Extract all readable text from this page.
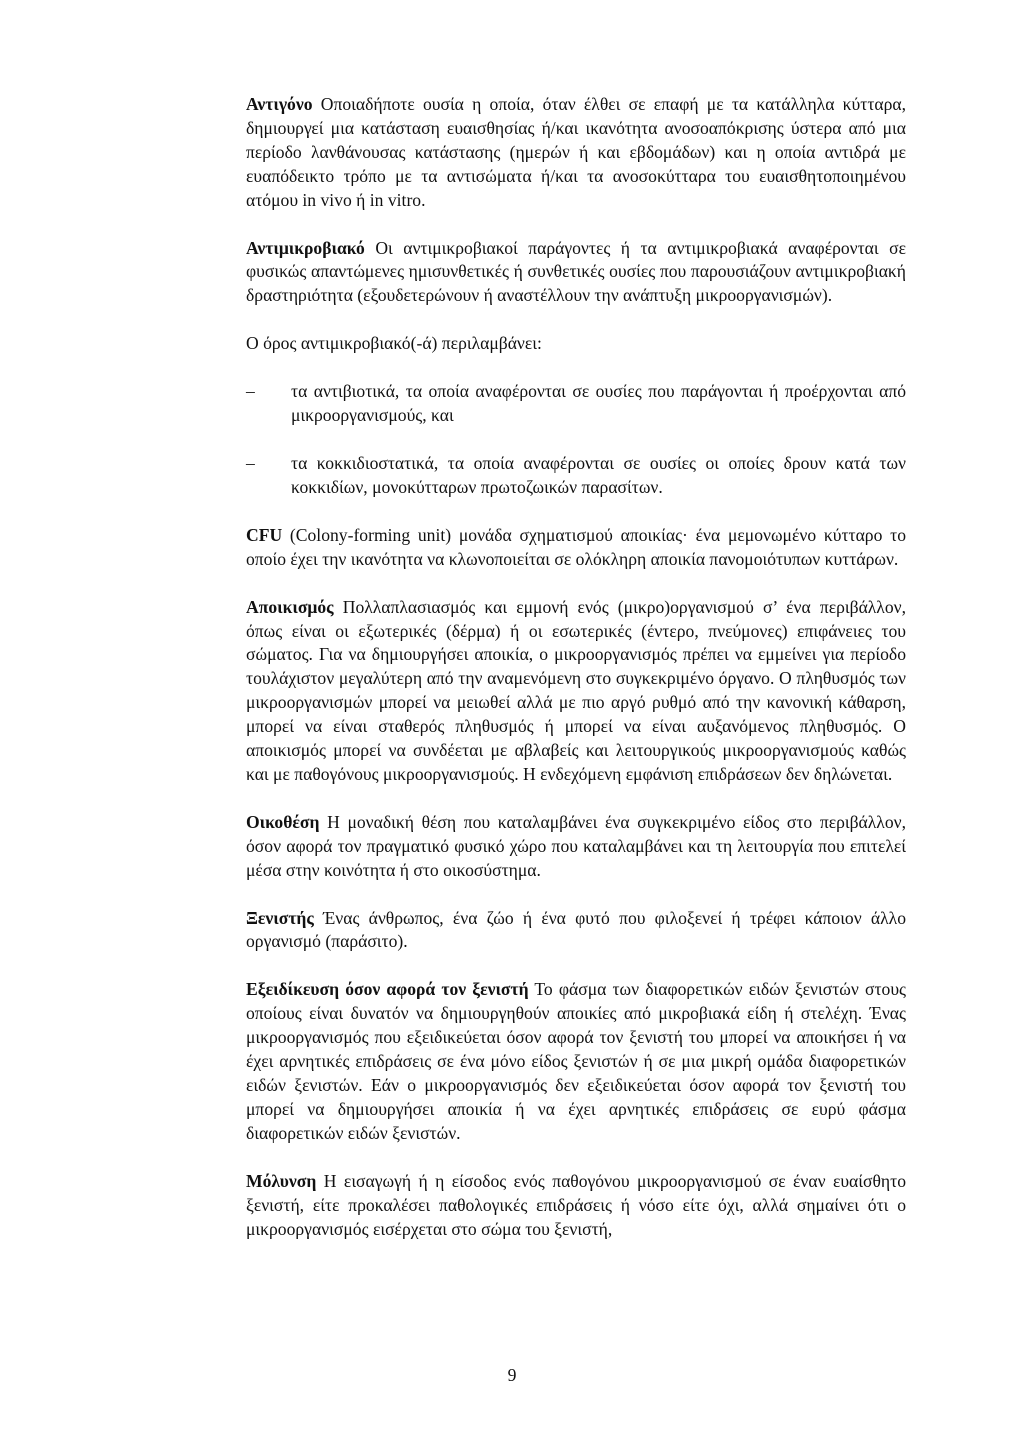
Αντιγόνο Οποιαδήποτε ουσία η οποία, όταν έλθει σε επαφή με τα κατάλληλα κύτταρα, δημιουργεί μια κατάσταση ευαισθησίας ή/και ικανότητα ανοσοαπόκρισης ύστερα από μια περίοδο λανθάνουσας κατάστασης (ημερών ή και εβδομάδων) και η οποία αντιδρά με ευαπόδεικτο τρόπο με τα αντισώματα ή/και τα ανοσοκύτταρα του ευαισθητοποιημένου ατόμου in vivo ή in vitro.

Αντιμικροβιακό Οι αντιμικροβιακοί παράγοντες ή τα αντιμικροβιακά αναφέρονται σε φυσικώς απαντώμενες ημισυνθετικές ή συνθετικές ουσίες που παρουσιάζουν αντιμικροβιακή δραστηριότητα (εξουδετερώνουν ή αναστέλλουν την ανάπτυξη μικροοργανισμών).

Ο όρος αντιμικροβιακό(-ά) περιλαμβάνει:

– τα αντιβιοτικά, τα οποία αναφέρονται σε ουσίες που παράγονται ή προέρχονται από μικροοργανισμούς, και
– τα κοκκιδιοστατικά, τα οποία αναφέρονται σε ουσίες οι οποίες δρουν κατά των κοκκιδίων, μονοκύτταρων πρωτοζωικών παρασίτων.

CFU (Colony-forming unit) μονάδα σχηματισμού αποικίας· ένα μεμονωμένο κύτταρο το οποίο έχει την ικανότητα να κλωνοποιείται σε ολόκληρη αποικία πανομοιότυπων κυττάρων.

Αποικισμός Πολλαπλασιασμός και εμμονή ενός (μικρο)οργανισμού σ’ ένα περιβάλλον, όπως είναι οι εξωτερικές (δέρμα) ή οι εσωτερικές (έντερο, πνεύμονες) επιφάνειες του σώματος. Για να δημιουργήσει αποικία, ο μικροοργανισμός πρέπει να εμμείνει για περίοδο τουλάχιστον μεγαλύτερη από την αναμενόμενη στο συγκεκριμένο όργανο. Ο πληθυσμός των μικροοργανισμών μπορεί να μειωθεί αλλά με πιο αργό ρυθμό από την κανονική κάθαρση, μπορεί να είναι σταθερός πληθυσμός ή μπορεί να είναι αυξανόμενος πληθυσμός. Ο αποικισμός μπορεί να συνδέεται με αβλαβείς και λειτουργικούς μικροοργανισμούς καθώς και με παθογόνους μικροοργανισμούς. Η ενδεχόμενη εμφάνιση επιδράσεων δεν δηλώνεται.

Οικοθέση Η μοναδική θέση που καταλαμβάνει ένα συγκεκριμένο είδος στο περιβάλλον, όσον αφορά τον πραγματικό φυσικό χώρο που καταλαμβάνει και τη λειτουργία που επιτελεί μέσα στην κοινότητα ή στο οικοσύστημα.

Ξενιστής Ένας άνθρωπος, ένα ζώο ή ένα φυτό που φιλοξενεί ή τρέφει κάποιον άλλο οργανισμό (παράσιτο).

Εξειδίκευση όσον αφορά τον ξενιστή Το φάσμα των διαφορετικών ειδών ξενιστών στους οποίους είναι δυνατόν να δημιουργηθούν αποικίες από μικροβιακά είδη ή στελέχη. Ένας μικροοργανισμός που εξειδικεύεται όσον αφορά τον ξενιστή του μπορεί να αποικήσει ή να έχει αρνητικές επιδράσεις σε ένα μόνο είδος ξενιστών ή σε μια μικρή ομάδα διαφορετικών ειδών ξενιστών. Εάν ο μικροοργανισμός δεν εξειδικεύεται όσον αφορά τον ξενιστή του μπορεί να δημιουργήσει αποικία ή να έχει αρνητικές επιδράσεις σε ευρύ φάσμα διαφορετικών ειδών ξενιστών.

Μόλυνση Η εισαγωγή ή η είσοδος ενός παθογόνου μικροοργανισμού σε έναν ευαίσθητο ξενιστή, είτε προκαλέσει παθολογικές επιδράσεις ή νόσο είτε όχι, αλλά σημαίνει ότι ο μικροοργανισμός εισέρχεται στο σώμα του ξενιστή,

9
